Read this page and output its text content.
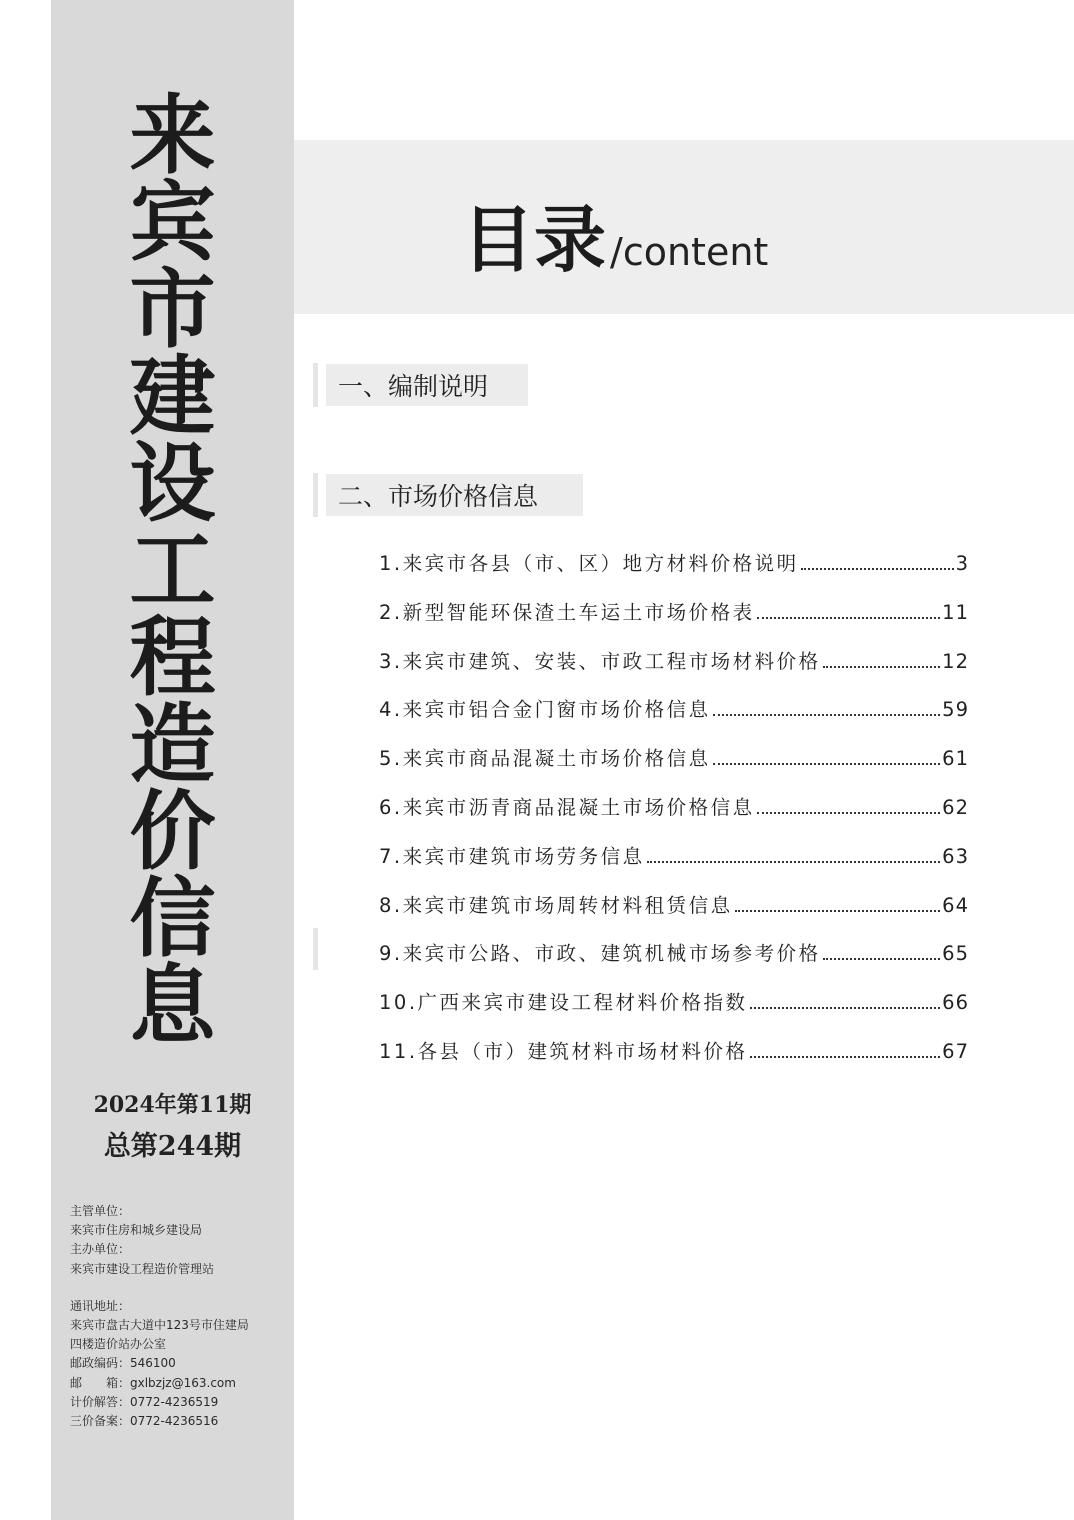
来
宾
市
建
设
工
程
造
价
信
息
2024年第11期
总第244期
主管单位：
来宾市住房和城乡建设局
主办单位：
来宾市建设工程造价管理站
通讯地址：
来宾市盘古大道中123号市住建局
四楼造价站办公室
邮政编码：546100
邮　　箱：gxlbzjz@163.com
计价解答：0772-4236519
三价备案：0772-4236516
目录 /content
一、编制说明
二、市场价格信息
1.来宾市各县（市、区）地方材料价格说明	3
2.新型智能环保渣土车运土市场价格表	11
3.来宾市建筑、安装、市政工程市场材料价格	12
4.来宾市铝合金门窗市场价格信息	59
5.来宾市商品混凝土市场价格信息	61
6.来宾市沥青商品混凝土市场价格信息	62
7.来宾市建筑市场劳务信息	63
8.来宾市建筑市场周转材料租赁信息	64
9.来宾市公路、市政、建筑机械市场参考价格	65
10.广西来宾市建设工程材料价格指数	66
11.各县（市）建筑材料市场材料价格	67
